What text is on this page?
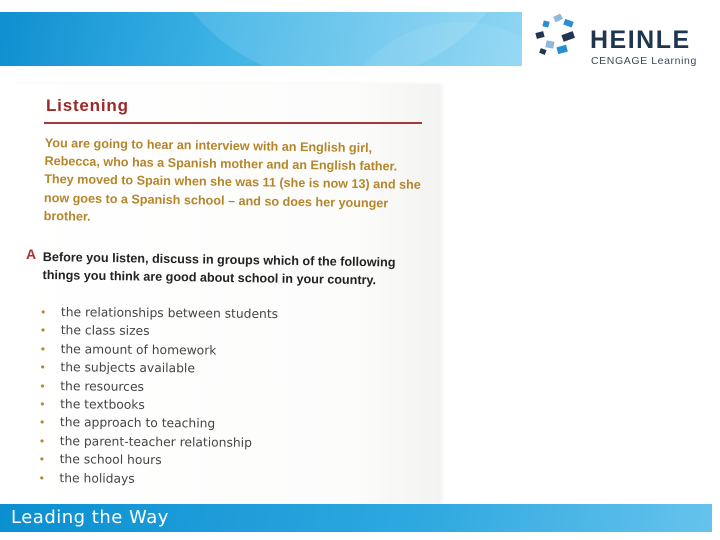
HEINLE
CENGAGE Learning
Listening
You are going to hear an interview with an English girl, Rebecca, who has a Spanish mother and an English father. They moved to Spain when she was 11 (she is now 13) and she now goes to a Spanish school – and so does her younger brother.
A Before you listen, discuss in groups which of the following things you think are good about school in your country.
• the relationships between students
• the class sizes
• the amount of homework
• the subjects available
• the resources
• the textbooks
• the approach to teaching
• the parent-teacher relationship
• the school hours
• the holidays
Leading the Way
